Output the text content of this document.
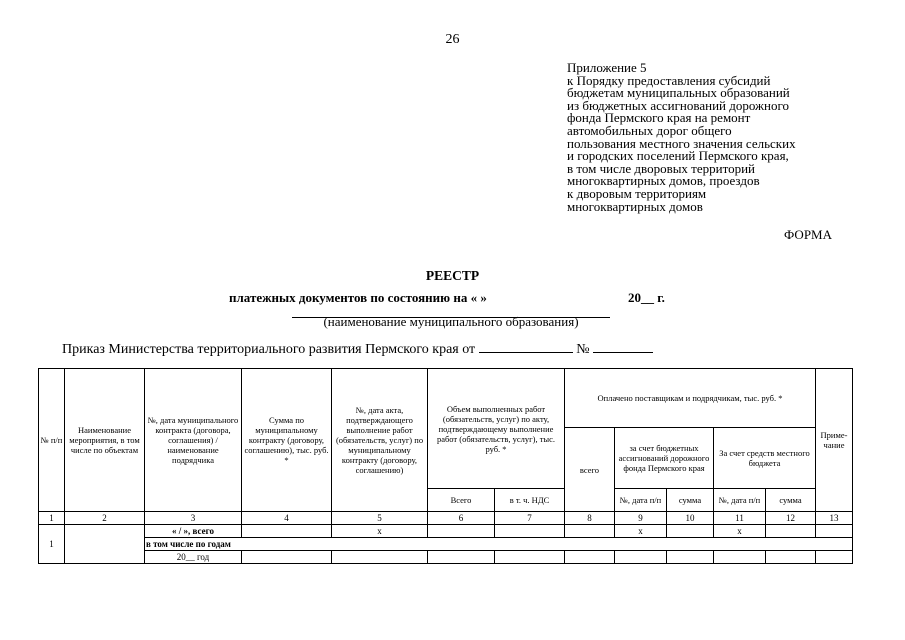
26
Приложение 5
к Порядку предоставления субсидий
бюджетам муниципальных образований
из бюджетных ассигнований дорожного
фонда Пермского края на ремонт
автомобильных дорог общего
пользования местного значения сельских
и городских поселений Пермского края,
в том числе дворовых территорий
многоквартирных домов, проездов
к дворовым территориям
многоквартирных домов
ФОРМА
РЕЕСТР
платежных документов по состоянию на « »	20__ г.
(наименование муниципального образования)
Приказ Министерства территориального развития Пермского края от	№
№ п/п	Наименование мероприятия, в том числе по объектам	№, дата муниципального контракта (договора, соглашения) / наименование подрядчика	Сумма по муниципальному контракту (договору, соглашению), тыс. руб. *	№, дата акта, подтверждающего выполнение работ (обязательств, услуг) по муниципальному контракту (договору, соглашению)	Объем выполненных работ (обязательств, услуг) по акту, подтверждающему выполнение работ (обязательств, услуг), тыс. руб. *		Оплачено поставщикам и подрядчикам, тыс. руб. *					Приме-чание
							всего	за счет бюджетных ассигнований дорожного фонда Пермского края		За счет средств местного бюджета		
					Всего	в т. ч. НДС		№, дата п/п	сумма	№, дата п/п	сумма	
1	2	3	4	5	6	7	8	9	10	11	12	13
1		« / », всего		х				х		х		
		в том числе по годам										
		20__ год										
